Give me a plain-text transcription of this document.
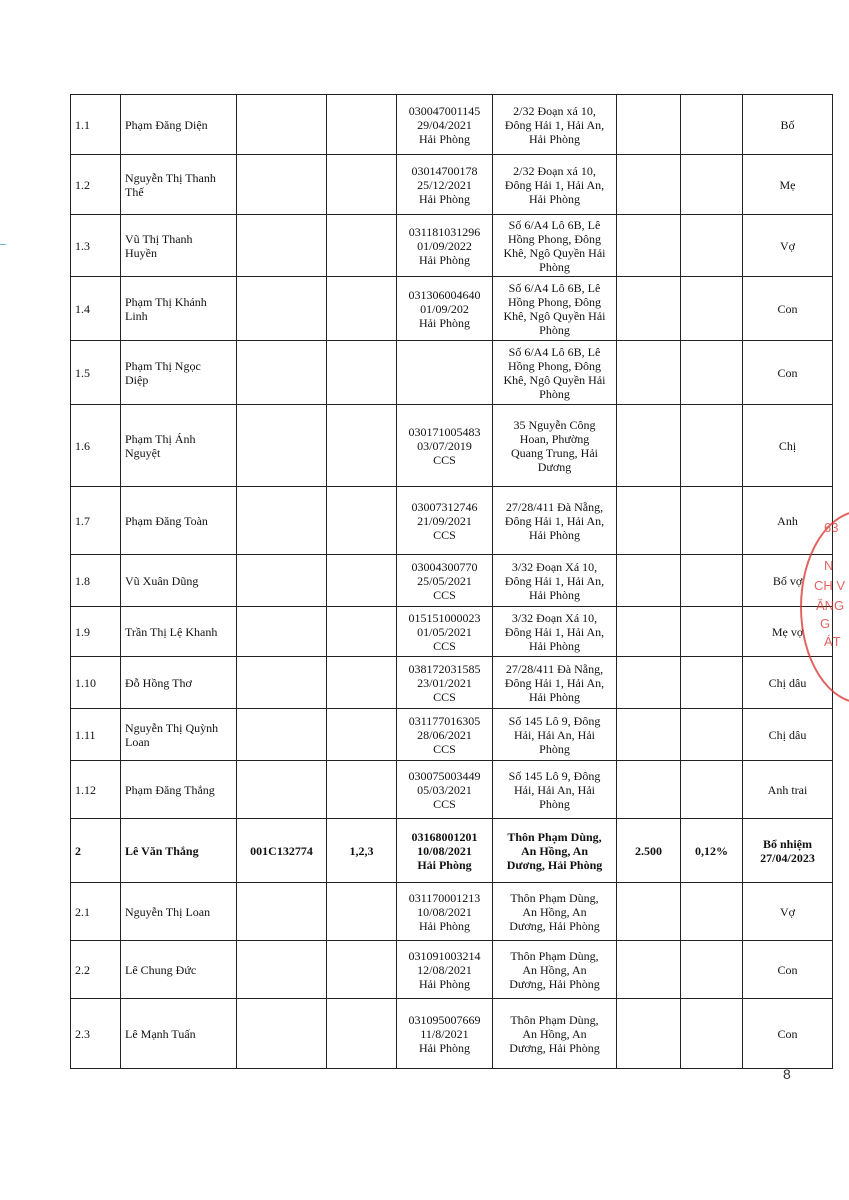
1.1	Phạm Đăng Diện			030047001145
29/04/2021
Hải Phòng	2/32 Đoạn xá 10,
Đông Hải 1, Hải An,
Hải Phòng			Bố
1.2	Nguyễn Thị Thanh
Thế			03014700178
25/12/2021
Hải Phòng	2/32 Đoạn xá 10,
Đông Hải 1, Hải An,
Hải Phòng			Mẹ
1.3	Vũ Thị Thanh
Huyền			031181031296
01/09/2022
Hải Phòng	Số 6/A4 Lô 6B, Lê
Hồng Phong, Đông
Khê, Ngô Quyền Hải
Phòng			Vợ
1.4	Phạm Thị Khánh
Linh			031306004640
01/09/202
Hải Phòng	Số 6/A4 Lô 6B, Lê
Hồng Phong, Đông
Khê, Ngô Quyền Hải
Phòng			Con
1.5	Phạm Thị Ngọc
Diệp				Số 6/A4 Lô 6B, Lê
Hồng Phong, Đông
Khê, Ngô Quyền Hải
Phòng			Con
1.6	Phạm Thị Ánh
Nguyệt			030171005483
03/07/2019
CCS	35 Nguyễn Công
Hoan, Phường
Quang Trung, Hải
Dương			Chị
1.7	Phạm Đăng Toàn			03007312746
21/09/2021
CCS	27/28/411 Đà Nẵng,
Đông Hải 1, Hải An,
Hải Phòng			Anh
1.8	Vũ Xuân Dũng			03004300770
25/05/2021
CCS	3/32 Đoạn Xá 10,
Đông Hải 1, Hải An,
Hải Phòng			Bố vợ
1.9	Trần Thị Lệ Khanh			015151000023
01/05/2021
CCS	3/32 Đoạn Xá 10,
Đông Hải 1, Hải An,
Hải Phòng			Mẹ vợ
1.10	Đỗ Hồng Thơ			038172031585
23/01/2021
CCS	27/28/411 Đà Nẵng,
Đông Hải 1, Hải An,
Hải Phòng			Chị dâu
1.11	Nguyễn Thị Quỳnh
Loan			031177016305
28/06/2021
CCS	Số 145 Lô 9, Đông
Hải, Hải An, Hải
Phòng			Chị dâu
1.12	Phạm Đăng Thắng			030075003449
05/03/2021
CCS	Số 145 Lô 9, Đông
Hải, Hải An, Hải
Phòng			Anh trai
2	Lê Văn Thắng	001C132774	1,2,3	03168001201
10/08/2021
Hải Phòng	Thôn Phạm Dùng,
An Hồng, An
Dương, Hải Phòng	2.500	0,12%	Bổ nhiệm
27/04/2023
2.1	Nguyễn Thị Loan			031170001213
10/08/2021
Hải Phòng	Thôn Phạm Dùng,
An Hồng, An
Dương, Hải Phòng			Vợ
2.2	Lê Chung Đức			031091003214
12/08/2021
Hải Phòng	Thôn Phạm Dùng,
An Hồng, An
Dương, Hải Phòng			Con
2.3	Lê Mạnh Tuấn			031095007669
11/8/2021
Hải Phòng	Thôn Phạm Dùng,
An Hồng, An
Dương, Hải Phòng			Con
63
N
CH V
ĂNG
G
ÁT
8
